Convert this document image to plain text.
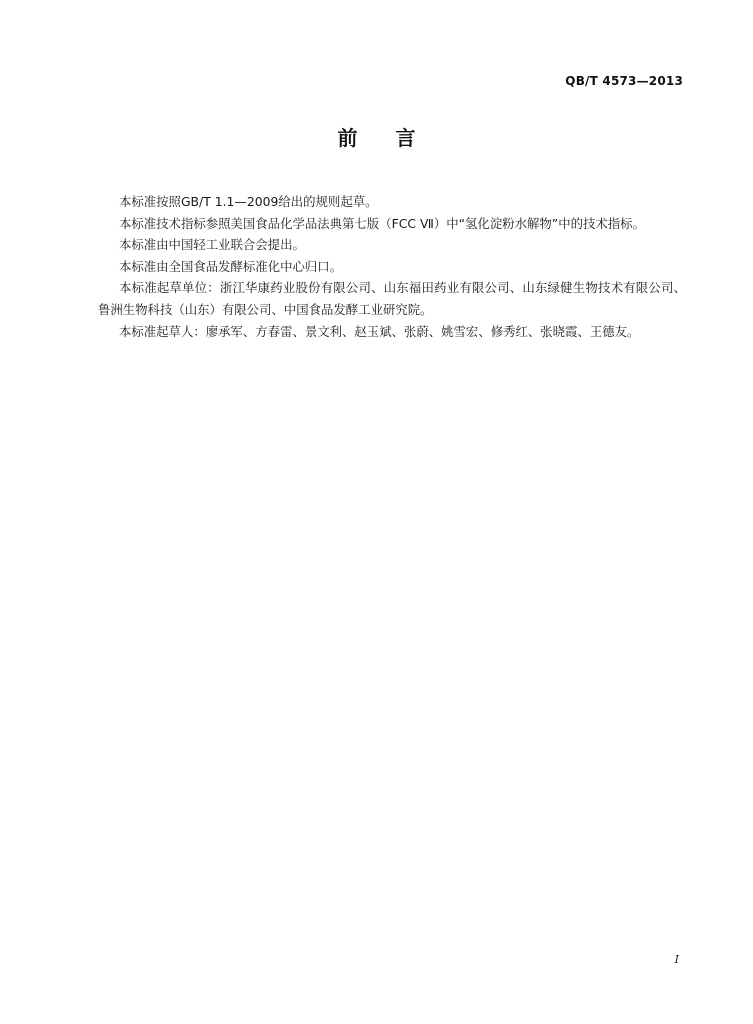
QB/T 4573—2013
前 言

本标准按照GB/T 1.1—2009给出的规则起草。

本标准技术指标参照美国食品化学品法典第七版（FCC Ⅶ）中“氢化淀粉水解物”中的技术指标。

本标准由中国轻工业联合会提出。

本标准由全国食品发酵标准化中心归口。

本标准起草单位：浙江华康药业股份有限公司、山东福田药业有限公司、山东绿健生物技术有限公司、鲁洲生物科技（山东）有限公司、中国食品发酵工业研究院。

本标准起草人：廖承军、方春雷、景文利、赵玉斌、张蔚、姚雪宏、修秀红、张晓霞、王德友。

I
